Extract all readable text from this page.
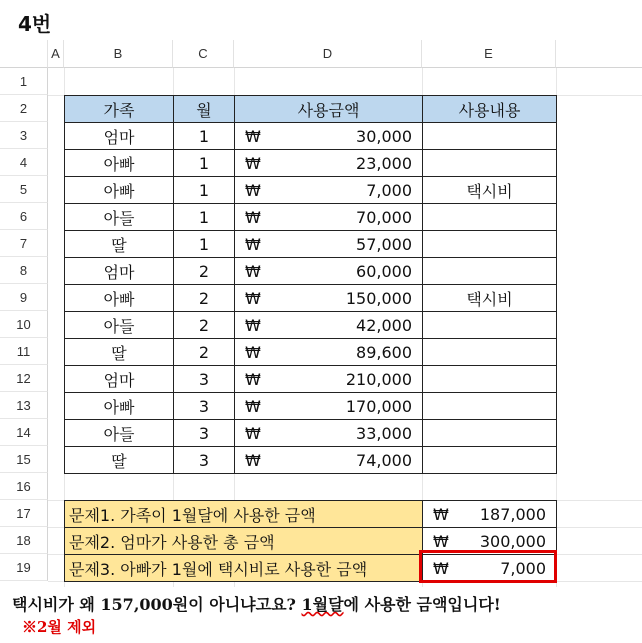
4번
A	B	C	D	E
1
2
3
4
5
6
7
8
9
10
11
12
13
14
15
16
17
18
19
가족	월	사용금액	사용내용
엄마	1	₩	30,000
아빠	1	₩	23,000
아빠	1	₩	7,000	택시비
아들	1	₩	70,000
딸	1	₩	57,000
엄마	2	₩	60,000
아빠	2	₩	150,000	택시비
아들	2	₩	42,000
딸	2	₩	89,600
엄마	3	₩	210,000
아빠	3	₩	170,000
아들	3	₩	33,000
딸	3	₩	74,000
문제1. 가족이 1월달에 사용한 금액	₩ 187,000
문제2. 엄마가 사용한 총 금액	₩ 300,000
문제3. 아빠가 1월에 택시비로 사용한 금액	₩	7,000
택시비가 왜 157,000원이 아니냐고요? 1월달에 사용한 금액입니다!
※2월 제외
